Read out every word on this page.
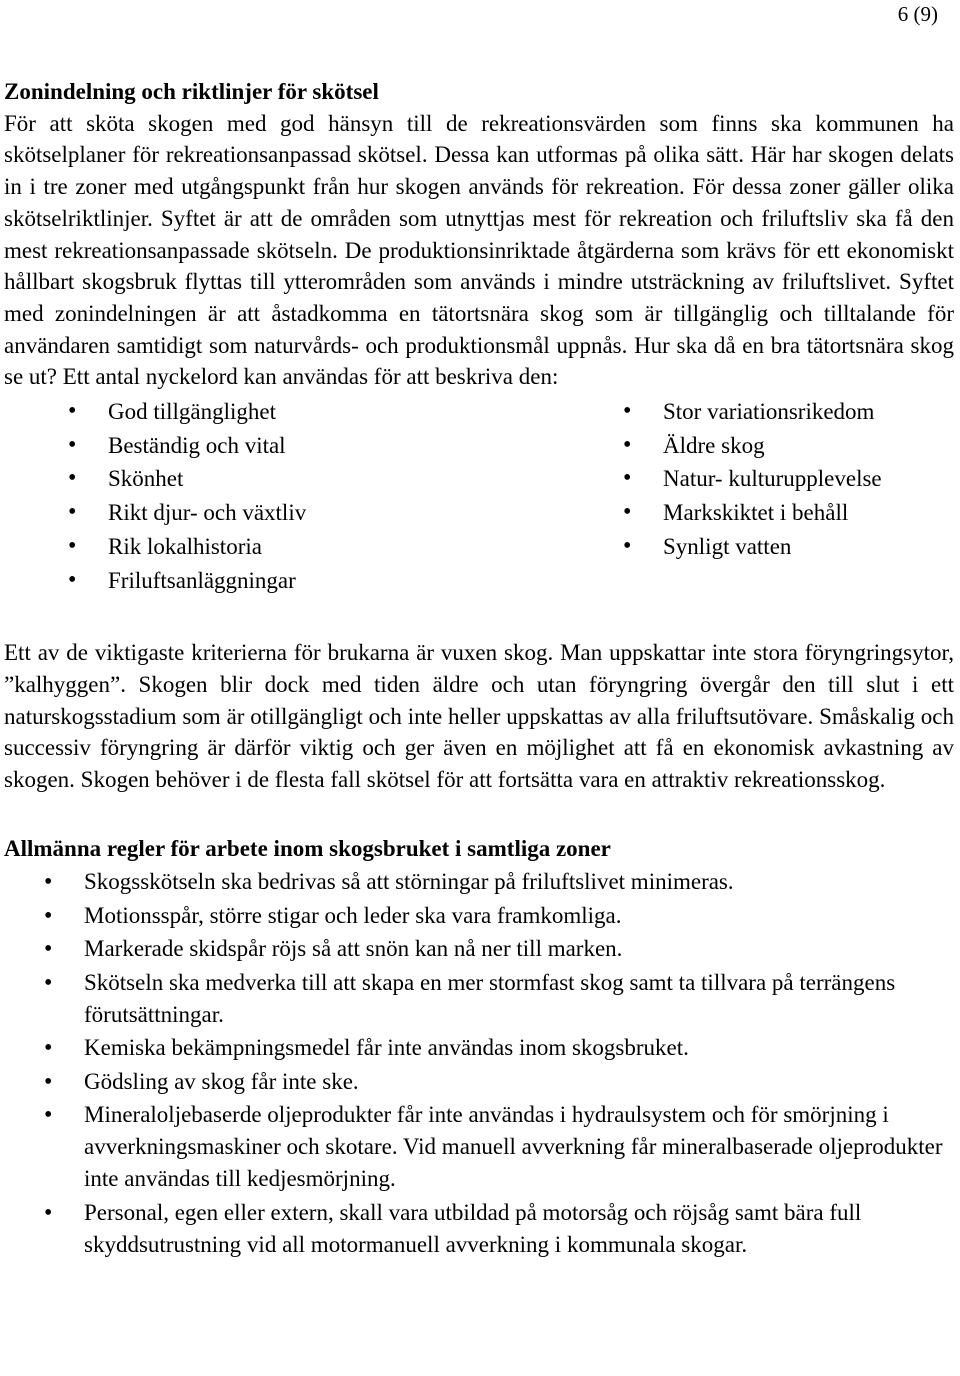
6 (9)
Zonindelning och riktlinjer för skötsel

För att sköta skogen med god hänsyn till de rekreationsvärden som finns ska kommunen ha skötselplaner för rekreationsanpassad skötsel. Dessa kan utformas på olika sätt. Här har skogen delats in i tre zoner med utgångspunkt från hur skogen används för rekreation. För dessa zoner gäller olika skötselriktlinjer. Syftet är att de områden som utnyttjas mest för rekreation och friluftsliv ska få den mest rekreationsanpassade skötseln. De produktionsinriktade åtgärderna som krävs för ett ekonomiskt hållbart skogsbruk flyttas till ytterområden som används i mindre utsträckning av friluftslivet. Syftet med zonindelningen är att åstadkomma en tätortsnära skog som är tillgänglig och tilltalande för användaren samtidigt som naturvårds- och produktionsmål uppnås. Hur ska då en bra tätortsnära skog se ut? Ett antal nyckelord kan användas för att beskriva den:

• God tillgänglighet
• Beständig och vital
• Skönhet
• Rikt djur- och växtliv
• Rik lokalhistoria
• Friluftsanläggningar
• Stor variationsrikedom
• Äldre skog
• Natur- kulturupplevelse
• Markskiktet i behåll
• Synligt vatten

Ett av de viktigaste kriterierna för brukarna är vuxen skog. Man uppskattar inte stora föryngringsytor, ”kalhyggen”. Skogen blir dock med tiden äldre och utan föryngring övergår den till slut i ett naturskogsstadium som är otillgängligt och inte heller uppskattas av alla friluftsutövare. Småskalig och successiv föryngring är därför viktig och ger även en möjlighet att få en ekonomisk avkastning av skogen. Skogen behöver i de flesta fall skötsel för att fortsätta vara en attraktiv rekreationsskog.

Allmänna regler för arbete inom skogsbruket i samtliga zoner
• Skogsskötseln ska bedrivas så att störningar på friluftslivet minimeras.
• Motionsspår, större stigar och leder ska vara framkomliga.
• Markerade skidspår röjs så att snön kan nå ner till marken.
• Skötseln ska medverka till att skapa en mer stormfast skog samt ta tillvara på terrängens förutsättningar.
• Kemiska bekämpningsmedel får inte användas inom skogsbruket.
• Gödsling av skog får inte ske.
• Mineraloljebaserde oljeprodukter får inte användas i hydraulsystem och för smörjning i avverkningsmaskiner och skotare. Vid manuell avverkning får mineralbaserade oljeprodukter inte användas till kedjesmörjning.
• Personal, egen eller extern, skall vara utbildad på motorsåg och röjsåg samt bära full skyddsutrustning vid all motormanuell avverkning i kommunala skogar.
